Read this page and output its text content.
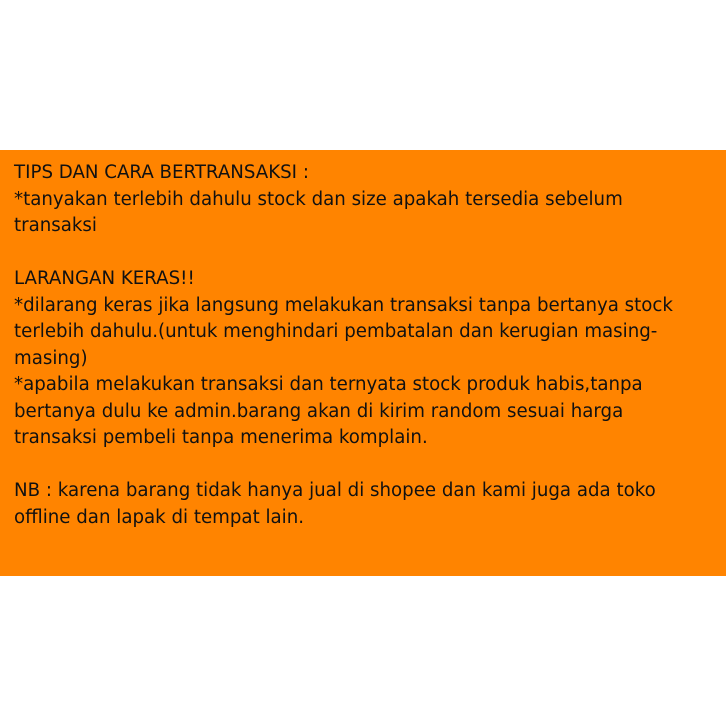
TIPS DAN CARA BERTRANSAKSI :
*tanyakan terlebih dahulu stock dan size apakah tersedia sebelum
transaksi
LARANGAN KERAS!!
*dilarang keras jika langsung melakukan transaksi tanpa bertanya stock
terlebih dahulu.(untuk menghindari pembatalan dan kerugian masing-
masing)
*apabila melakukan transaksi dan ternyata stock produk habis,tanpa
bertanya dulu ke admin.barang akan di kirim random sesuai harga
transaksi pembeli tanpa menerima komplain.
NB : karena barang tidak hanya jual di shopee dan kami juga ada toko
offline dan lapak di tempat lain.
